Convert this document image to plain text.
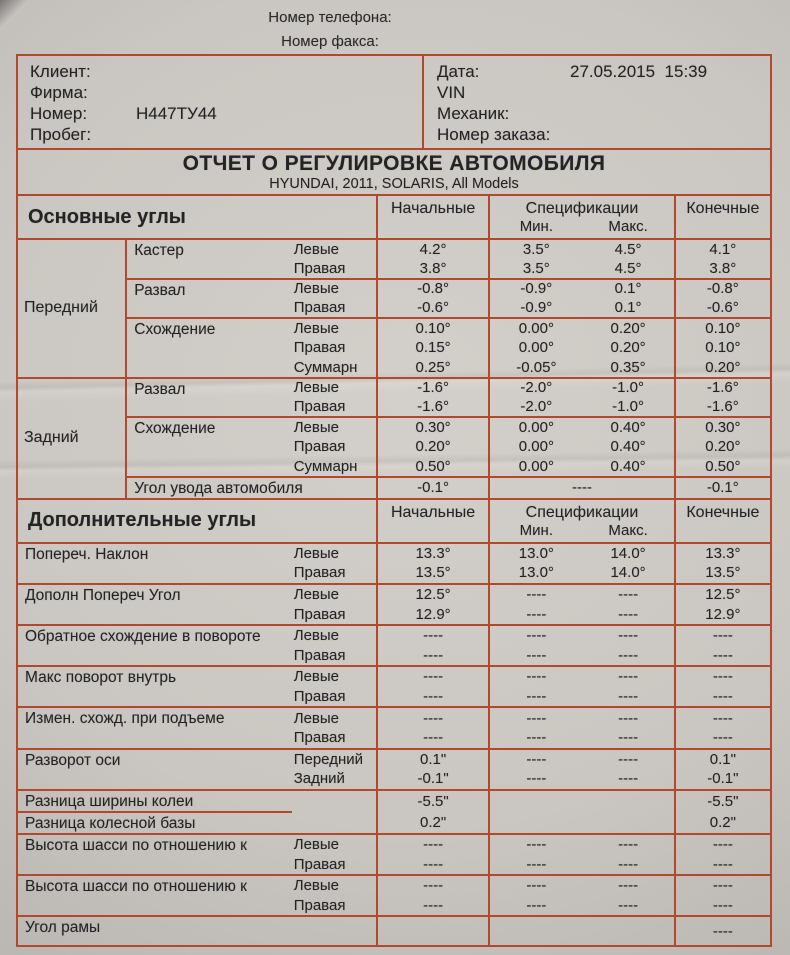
Номер телефона:
Номер факса:
Клиент:
Фирма:
Номер:	Н447ТУ44
Пробег:
Дата:	27.05.2015  15:39
VIN
Механик:
Номер заказа:
ОТЧЕТ О РЕГУЛИРОВКЕ АВТОМОБИЛЯ
HYUNDAI, 2011, SOLARIS, All Models
Основные углы			Начальные	Спецификации		Конечные
				Мин.	Макс.	
Передний	Кастер	Левые	4.2°	3.5°	4.5°	4.1°
		Правая	3.8°	3.5°	4.5°	3.8°
	Развал	Левые	-0.8°	-0.9°	0.1°	-0.8°
		Правая	-0.6°	-0.9°	0.1°	-0.6°
	Схождение	Левые	0.10°	0.00°	0.20°	0.10°
		Правая	0.15°	0.00°	0.20°	0.10°
		Суммарн	0.25°	-0.05°	0.35°	0.20°
Задний	Развал	Левые	-1.6°	-2.0°	-1.0°	-1.6°
		Правая	-1.6°	-2.0°	-1.0°	-1.6°
	Схождение	Левые	0.30°	0.00°	0.40°	0.30°
		Правая	0.20°	0.00°	0.40°	0.20°
		Суммарн	0.50°	0.00°	0.40°	0.50°
	Угол увода автомобиля		-0.1°	----		-0.1°
Дополнительные углы		Начальные	Спецификации		Конечные
			Мин.	Макс.	
Попереч. Наклон	Левые	13.3°	13.0°	14.0°	13.3°
	Правая	13.5°	13.0°	14.0°	13.5°
Дополн Попереч Угол	Левые	12.5°	----	----	12.5°
	Правая	12.9°	----	----	12.9°
Обратное схождение в повороте	Левые	----	----	----	----
	Правая	----	----	----	----
Макс поворот внутрь	Левые	----	----	----	----
	Правая	----	----	----	----
Измен. схожд. при подъеме	Левые	----	----	----	----
	Правая	----	----	----	----
Разворот оси	Передний	0.1"	----	----	0.1"
	Задний	-0.1"	----	----	-0.1"
Разница ширины колеи		-5.5"			-5.5"
Разница колесной базы		0.2"			0.2"
Высота шасси по отношению к	Левые	----	----	----	----
	Правая	----	----	----	----
Высота шасси по отношению к	Левые	----	----	----	----
	Правая	----	----	----	----
Угол рамы					----
